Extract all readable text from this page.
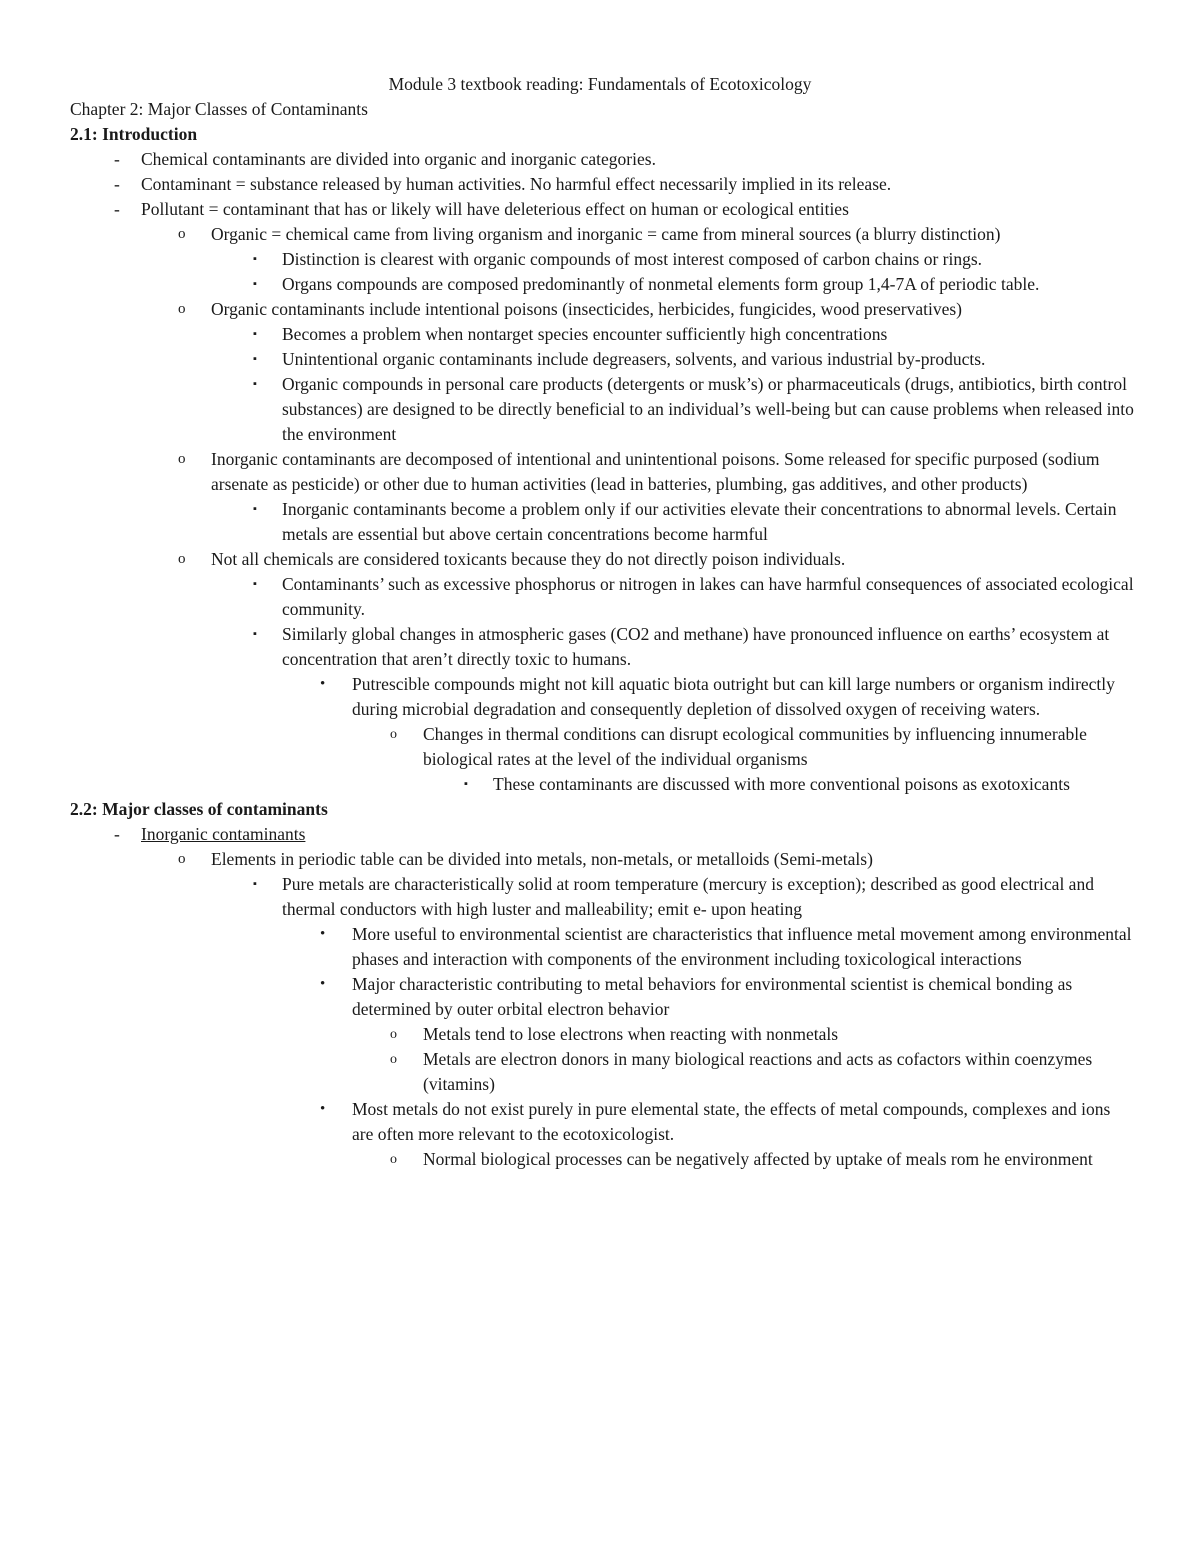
Module 3 textbook reading: Fundamentals of Ecotoxicology
Chapter 2: Major Classes of Contaminants
2.1: Introduction
- Chemical contaminants are divided into organic and inorganic categories.
- Contaminant = substance released by human activities. No harmful effect necessarily implied in its release.
- Pollutant = contaminant that has or likely will have deleterious effect on human or ecological entities
o Organic = chemical came from living organism and inorganic = came from mineral sources (a blurry distinction)
▪ Distinction is clearest with organic compounds of most interest composed of carbon chains or rings.
▪ Organs compounds are composed predominantly of nonmetal elements form group 1,4-7A of periodic table.
o Organic contaminants include intentional poisons (insecticides, herbicides, fungicides, wood preservatives)
▪ Becomes a problem when nontarget species encounter sufficiently high concentrations
▪ Unintentional organic contaminants include degreasers, solvents, and various industrial by-products.
▪ Organic compounds in personal care products (detergents or musk’s) or pharmaceuticals (drugs, antibiotics, birth control substances) are designed to be directly beneficial to an individual’s well-being but can cause problems when released into the environment
o Inorganic contaminants are decomposed of intentional and unintentional poisons. Some released for specific purposed (sodium arsenate as pesticide) or other due to human activities (lead in batteries, plumbing, gas additives, and other products)
▪ Inorganic contaminants become a problem only if our activities elevate their concentrations to abnormal levels. Certain metals are essential but above certain concentrations become harmful
o Not all chemicals are considered toxicants because they do not directly poison individuals.
▪ Contaminants’ such as excessive phosphorus or nitrogen in lakes can have harmful consequences of associated ecological community.
▪ Similarly global changes in atmospheric gases (CO2 and methane) have pronounced influence on earths’ ecosystem at concentration that aren’t directly toxic to humans.
• Putrescible compounds might not kill aquatic biota outright but can kill large numbers or organism indirectly during microbial degradation and consequently depletion of dissolved oxygen of receiving waters.
o Changes in thermal conditions can disrupt ecological communities by influencing innumerable biological rates at the level of the individual organisms
▪ These contaminants are discussed with more conventional poisons as exotoxicants
2.2: Major classes of contaminants
- Inorganic contaminants
o Elements in periodic table can be divided into metals, non-metals, or metalloids (Semi-metals)
▪ Pure metals are characteristically solid at room temperature (mercury is exception); described as good electrical and thermal conductors with high luster and malleability; emit e- upon heating
• More useful to environmental scientist are characteristics that influence metal movement among environmental phases and interaction with components of the environment including toxicological interactions
• Major characteristic contributing to metal behaviors for environmental scientist is chemical bonding as determined by outer orbital electron behavior
o Metals tend to lose electrons when reacting with nonmetals
o Metals are electron donors in many biological reactions and acts as cofactors within coenzymes (vitamins)
• Most metals do not exist purely in pure elemental state, the effects of metal compounds, complexes and ions are often more relevant to the ecotoxicologist.
o Normal biological processes can be negatively affected by uptake of meals rom he environment
